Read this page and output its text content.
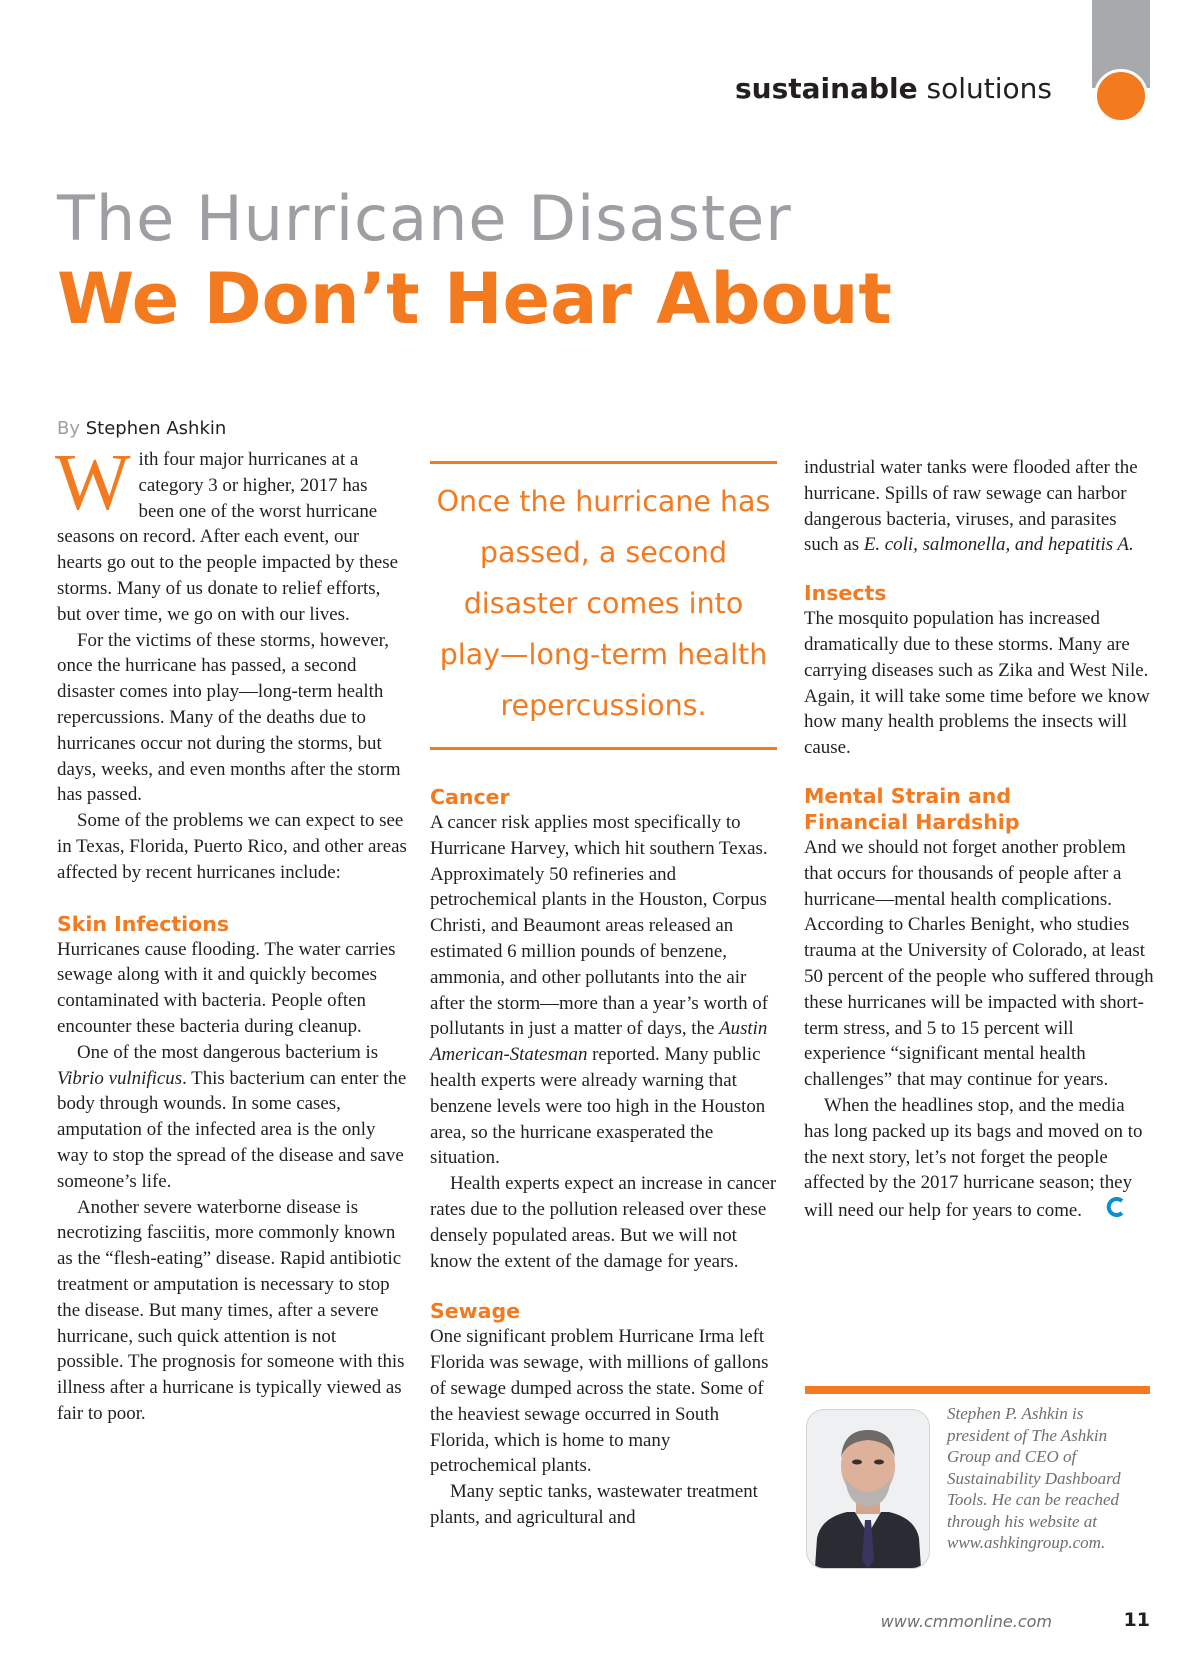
sustainable solutions
The Hurricane Disaster
We Don’t Hear About
By Stephen Ashkin

With four major hurricanes at a category 3 or higher, 2017 has been one of the worst hurricane seasons on record. After each event, our hearts go out to the people impacted by these storms. Many of us donate to relief efforts, but over time, we go on with our lives.

For the victims of these storms, however, once the hurricane has passed, a second disaster comes into play—long-term health repercussions. Many of the deaths due to hurricanes occur not during the storms, but days, weeks, and even months after the storm has passed.

Some of the problems we can expect to see in Texas, Florida, Puerto Rico, and other areas affected by recent hurricanes include:

Skin Infections

Hurricanes cause flooding. The water carries sewage along with it and quickly becomes contaminated with bacteria. People often encounter these bacteria during cleanup.

One of the most dangerous bacterium is Vibrio vulnificus. This bacterium can enter the body through wounds. In some cases, amputation of the infected area is the only way to stop the spread of the disease and save someone’s life.

Another severe waterborne disease is necrotizing fasciitis, more commonly known as the “flesh-eating” disease. Rapid antibiotic treatment or amputation is necessary to stop the disease. But many times, after a severe hurricane, such quick attention is not possible. The prognosis for someone with this illness after a hurricane is typically viewed as fair to poor.

Once the hurricane has passed, a second disaster comes into play—long-term health repercussions.
Cancer

A cancer risk applies most specifically to Hurricane Harvey, which hit southern Texas. Approximately 50 refineries and petrochemical plants in the Houston, Corpus Christi, and Beaumont areas released an estimated 6 million pounds of benzene, ammonia, and other pollutants into the air after the storm—more than a year’s worth of pollutants in just a matter of days, the Austin American-Statesman reported. Many public health experts were already warning that benzene levels were too high in the Houston area, so the hurricane exasperated the situation.

Health experts expect an increase in cancer rates due to the pollution released over these densely populated areas. But we will not know the extent of the damage for years.

Sewage

One significant problem Hurricane Irma left Florida was sewage, with millions of gallons of sewage dumped across the state. Some of the heaviest sewage occurred in South Florida, which is home to many petrochemical plants.

Many septic tanks, wastewater treatment plants, and agricultural and

industrial water tanks were flooded after the hurricane. Spills of raw sewage can harbor dangerous bacteria, viruses, and parasites such as E. coli, salmonella, and hepatitis A.

Insects

The mosquito population has increased dramatically due to these storms. Many are carrying diseases such as Zika and West Nile. Again, it will take some time before we know how many health problems the insects will cause.

Mental Strain and
Financial Hardship

And we should not forget another problem that occurs for thousands of people after a hurricane—mental health complications. According to Charles Benight, who studies trauma at the University of Colorado, at least 50 percent of the people who suffered through these hurricanes will be impacted with short-term stress, and 5 to 15 percent will experience “significant mental health challenges” that may continue for years.

When the headlines stop, and the media has long packed up its bags and moved on to the next story, let’s not forget the people affected by the 2017 hurricane season; they will need our help for years to come.

Stephen P. Ashkin is president of The Ashkin Group and CEO of Sustainability Dashboard Tools. He can be reached through his website at www.ashkingroup.com.
www.cmmonline.com	11
